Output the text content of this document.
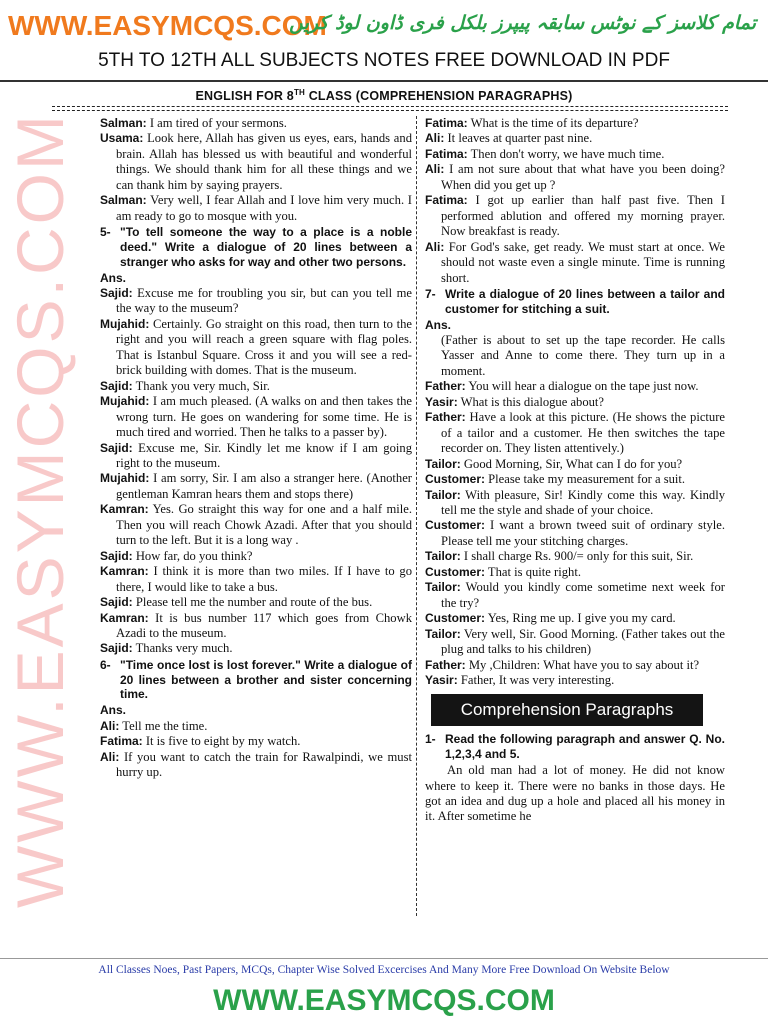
WWW.EASYMCQS.COM
تمام کلاسز کے نوٹس سابقہ پیپرز بلکل فری ڈاون لوڈ کریں
5TH TO 12TH ALL SUBJECTS NOTES FREE DOWNLOAD IN PDF
WWW.EASYMCQS.COM
ENGLISH FOR 8TH CLASS (COMPREHENSION PARAGRAPHS)

Salman: I am tired of your sermons.

Usama: Look here, Allah has given us eyes, ears, hands and brain. Allah has blessed us with beautiful and wonderful things. We should thank him for all these things and we can thank him by saying prayers.

Salman: Very well, I fear Allah and I love him very much. I am ready to go to mosque with you.

5- "To tell someone the way to a place is a noble deed." Write a dialogue of 20 lines between a stranger who asks for way and other two persons.

Ans.

Sajid: Excuse me for troubling you sir, but can you tell me the way to the museum?

Mujahid: Certainly. Go straight on this road, then turn to the right and you will reach a green square with flag poles. That is Istanbul Square. Cross it and you will see a red-brick building with domes. That is the museum.

Sajid: Thank you very much, Sir.

Mujahid: I am much pleased. (A walks on and then takes the wrong turn. He goes on wandering for some time. He is much tired and worried. Then he talks to a passer by).

Sajid: Excuse me, Sir. Kindly let me know if I am going right to the museum.

Mujahid: I am sorry, Sir. I am also a stranger here. (Another gentleman Kamran hears them and stops there)

Kamran: Yes. Go straight this way for one and a half mile. Then you will reach Chowk Azadi. After that you should turn to the left. But it is a long way .

Sajid: How far, do you think?

Kamran: I think it is more than two miles. If I have to go there, I would like to take a bus.

Sajid: Please tell me the number and route of the bus.

Kamran: It is bus number 117 which goes from Chowk Azadi to the museum.

Sajid: Thanks very much.

6- "Time once lost is lost forever." Write a dialogue of 20 lines between a brother and sister concerning time.

Ans.

Ali: Tell me the time.

Fatima: It is five to eight by my watch.

Ali: If you want to catch the train for Rawalpindi, we must hurry up.

Fatima: What is the time of its departure?

Ali: It leaves at quarter past nine.

Fatima: Then don't worry, we have much time.

Ali: I am not sure about that what have you been doing? When did you get up ?

Fatima: I got up earlier than half past five. Then I performed ablution and offered my morning prayer. Now breakfast is ready.

Ali: For God's sake, get ready. We must start at once. We should not waste even a single minute. Time is running short.

7- Write a dialogue of 20 lines between a tailor and customer for stitching a suit.

Ans.

(Father is about to set up the tape recorder. He calls Yasser and Anne to come there. They turn up in a moment.

Father: You will hear a dialogue on the tape just now.

Yasir: What is this dialogue about?

Father: Have a look at this picture. (He shows the picture of a tailor and a customer. He then switches the tape recorder on. They listen attentively.)

Tailor: Good Morning, Sir, What can I do for you?

Customer: Please take my measurement for a suit.

Tailor: With pleasure, Sir! Kindly come this way. Kindly tell me the style and shade of your choice.

Customer: I want a brown tweed suit of ordinary style. Please tell me your stitching charges.

Tailor: I shall charge Rs. 900/= only for this suit, Sir.

Customer: That is quite right.

Tailor: Would you kindly come sometime next week for the try?

Customer: Yes, Ring me up. I give you my card.

Tailor: Very well, Sir. Good Morning. (Father takes out the plug and talks to his children)

Father: My ,Children: What have you to say about it?

Yasir: Father, It was very interesting.

Comprehension Paragraphs
1- Read the following paragraph and answer Q. No. 1,2,3,4 and 5.

An old man had a lot of money. He did not know where to keep it. There were no banks in those days. He got an idea and dug up a hole and placed all his money in it. After sometime he

All Classes Noes, Past Papers, MCQs, Chapter Wise Solved Excercises And Many More Free Download On Website Below
WWW.EASYMCQS.COM
